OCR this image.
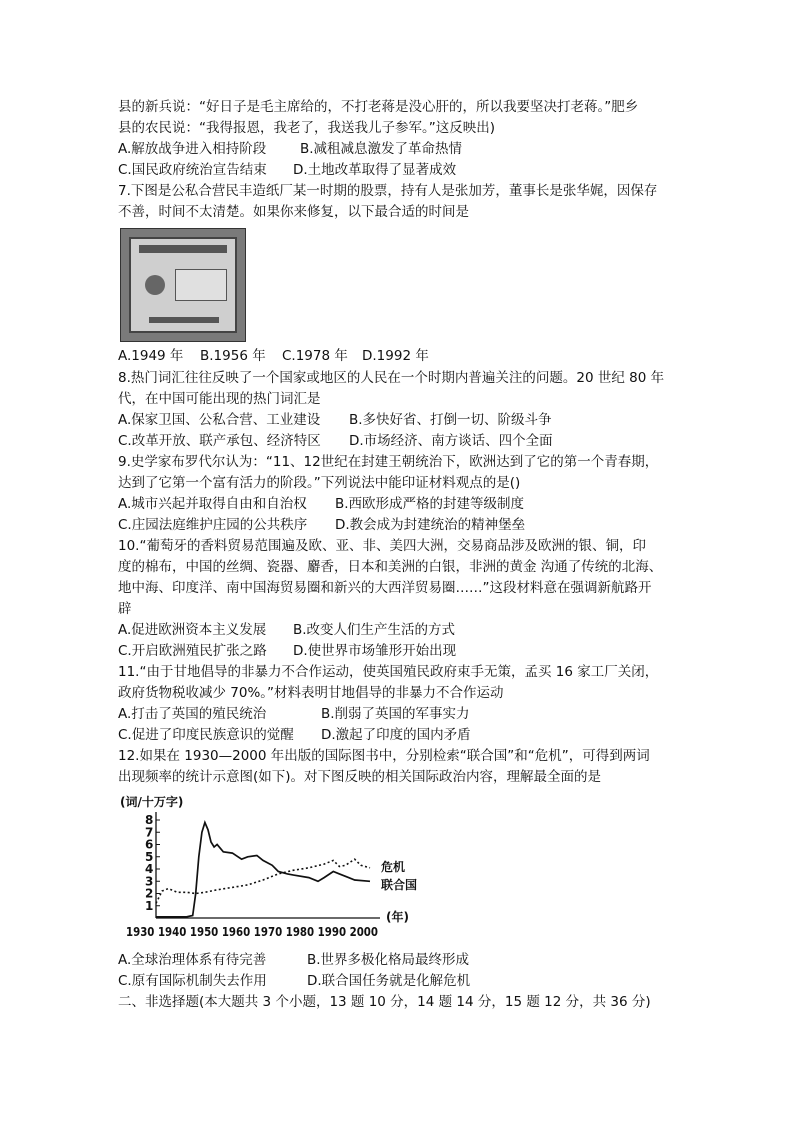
县的新兵说：“好日子是毛主席给的，不打老蒋是没心肝的，所以我要坚决打老蒋。”肥乡
县的农民说：“我得报恩，我老了，我送我儿子参军。”这反映出)
A.解放战争进入相持阶段 B.减租减息激发了革命热情
C.国民政府统治宣告结束 D.土地改革取得了显著成效
7.下图是公私合营民丰造纸厂某一时期的股票，持有人是张加芳，董事长是张华娓，因保存
不善，时间不太清楚。如果你来修复，以下最合适的时间是
A.1949 年 B.1956 年 C.1978 年 D.1992 年
8.热门词汇往往反映了一个国家或地区的人民在一个时期内普遍关注的问题。20 世纪 80 年
代，在中国可能出现的热门词汇是
A.保家卫国、公私合营、工业建设 B.多快好省、打倒一切、阶级斗争
C.改革开放、联产承包、经济特区 D.市场经济、南方谈话、四个全面
9.史学家布罗代尔认为：“11、12世纪在封建王朝统治下，欧洲达到了它的第一个青春期，
达到了它第一个富有活力的阶段。”下列说法中能印证材料观点的是()
A.城市兴起并取得自由和自治权 B.西欧形成严格的封建等级制度
C.庄园法庭维护庄园的公共秩序 D.教会成为封建统治的精神堡垒
10.“葡萄牙的香料贸易范围遍及欧、亚、非、美四大洲，交易商品涉及欧洲的银、铜，印
度的棉布，中国的丝绸、瓷器、麝香，日本和美洲的白银，非洲的黄金 沟通了传统的北海、
地中海、印度洋、南中国海贸易圈和新兴的大西洋贸易圈……”这段材料意在强调新航路开
辟
A.促进欧洲资本主义发展 B.改变人们生产生活的方式
C.开启欧洲殖民扩张之路 D.使世界市场雏形开始出现
11.“由于甘地倡导的非暴力不合作运动，使英国殖民政府束手无策，孟买 16 家工厂关闭，
政府货物税收减少 70%。”材料表明甘地倡导的非暴力不合作运动
A.打击了英国的殖民统治	B.削弱了英国的军事实力
C.促进了印度民族意识的觉醒 D.激起了印度的国内矛盾
12.如果在 1930—2000 年出版的国际图书中，分别检索“联合国”和“危机”，可得到两词
出现频率的统计示意图(如下)。对下图反映的相关国际政治内容，理解最全面的是
(词/十万字)
1
2
3
4
5
6
7
8
1930 1940 1950 1960 1970 1980 1990 2000
(年)
危机
联合国
A.全球治理体系有待完善	B.世界多极化格局最终形成
C.原有国际机制失去作用	D.联合国任务就是化解危机
二、非选择题(本大题共 3 个小题，13 题 10 分，14 题 14 分，15 题 12 分，共 36 分)
